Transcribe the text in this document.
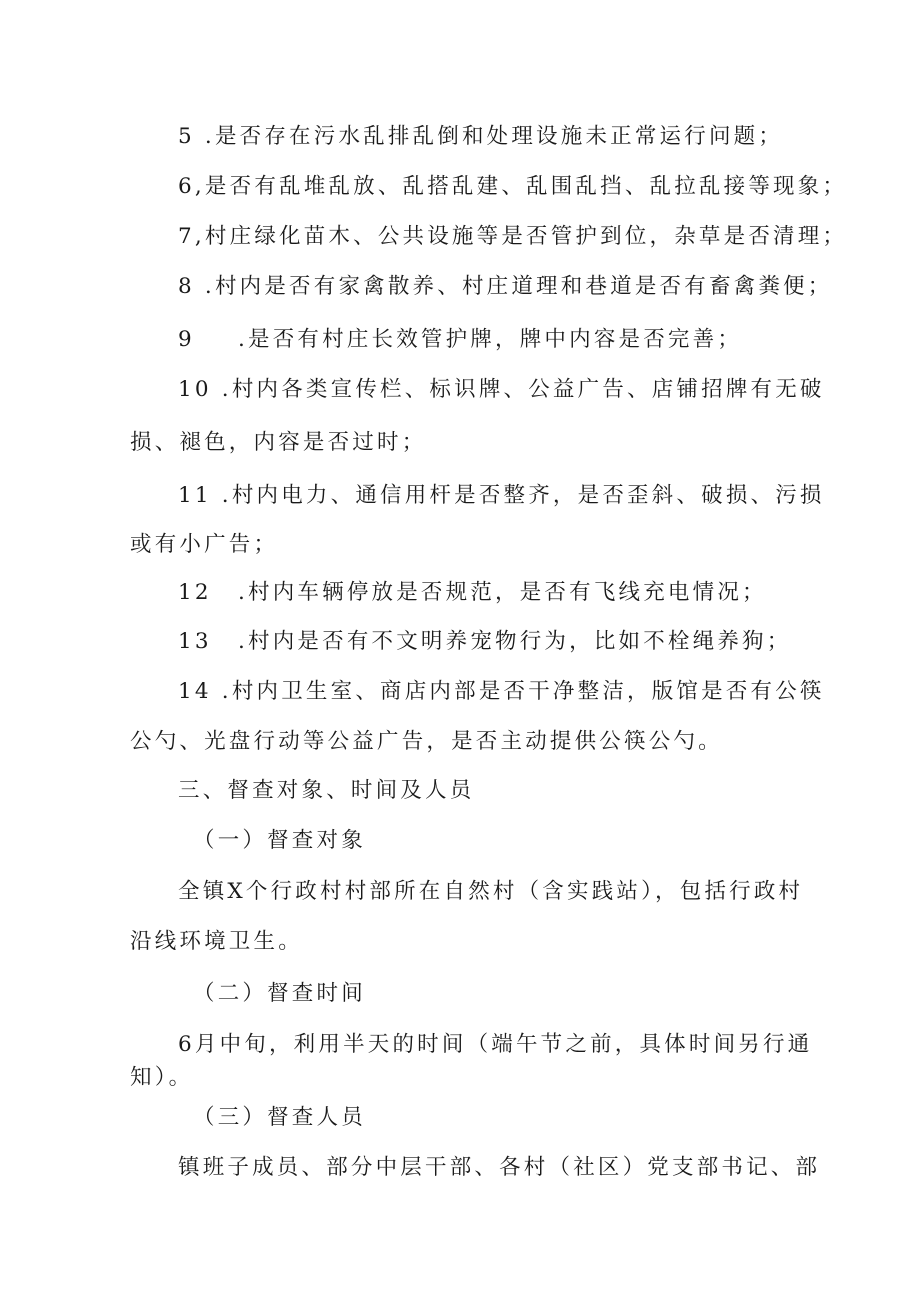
5 .是否存在污水乱排乱倒和处理设施未正常运行问题；
6,是否有乱堆乱放、乱搭乱建、乱围乱挡、乱拉乱接等现象；
7,村庄绿化苗木、公共设施等是否管护到位，杂草是否清理；
8 .村内是否有家禽散养、村庄道理和巷道是否有畜禽粪便；
9 .是否有村庄长效管护牌，牌中内容是否完善；
10 .村内各类宣传栏、标识牌、公益广告、店铺招牌有无破
损、褪色，内容是否过时；
11 .村内电力、通信用杆是否整齐，是否歪斜、破损、污损
或有小广告；
12 .村内车辆停放是否规范，是否有飞线充电情况；
13 .村内是否有不文明养宠物行为，比如不栓绳养狗；
14 .村内卫生室、商店内部是否干净整洁，版馆是否有公筷
公勺、光盘行动等公益广告，是否主动提供公筷公勺。
三、督查对象、时间及人员
（一）督查对象
全镇X个行政村村部所在自然村（含实践站），包括行政村
沿线环境卫生。
（二）督查时间
6月中旬，利用半天的时间（端午节之前，具体时间另行通
知）。
（三）督查人员
镇班子成员、部分中层干部、各村（社区）党支部书记、部
